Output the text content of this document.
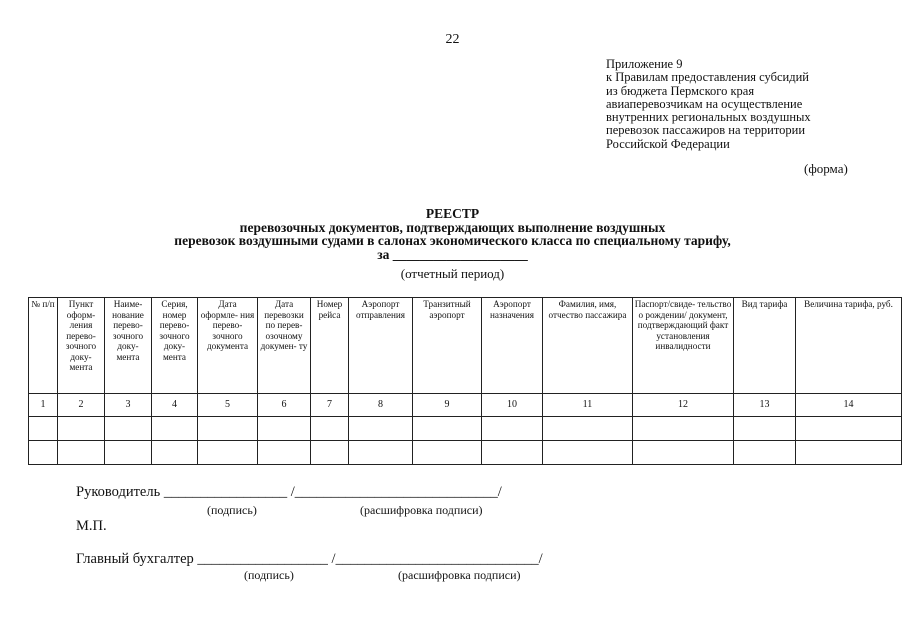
22
Приложение 9
к Правилам предоставления субсидий
из бюджета Пермского края
авиаперевозчикам на осуществление
внутренних региональных воздушных
перевозок пассажиров на территории
Российской Федерации
(форма)
РЕЕСТР
перевозочных документов, подтверждающих выполнение воздушных
перевозок воздушными судами в салонах экономического класса по специальному тарифу,
за ____________________
(отчетный период)
№ п/п	Пункт оформ- ления перево- зочного доку- мента	Наиме- нование перево- зочного доку- мента	Серия, номер перево- зочного доку- мента	Дата оформле- ния перево- зочного документа	Дата перевозки по перев- озочному докумен- ту	Номер рейса	Аэропорт отправления	Транзитный аэропорт	Аэропорт назначения	Фамилия, имя, отчество пассажира	Паспорт/свиде- тельство о рождении/ документ, подтверждающий факт установления инвалидности	Вид тарифа	Величина тарифа, руб.
1	2	3	4	5	6	7	8	9	10	11	12	13	14

Руководитель _________________ /____________________________/
(подпись)	(расшифровка подписи)
М.П.
Главный бухгалтер __________________ /____________________________/
(подпись)	(расшифровка подписи)
